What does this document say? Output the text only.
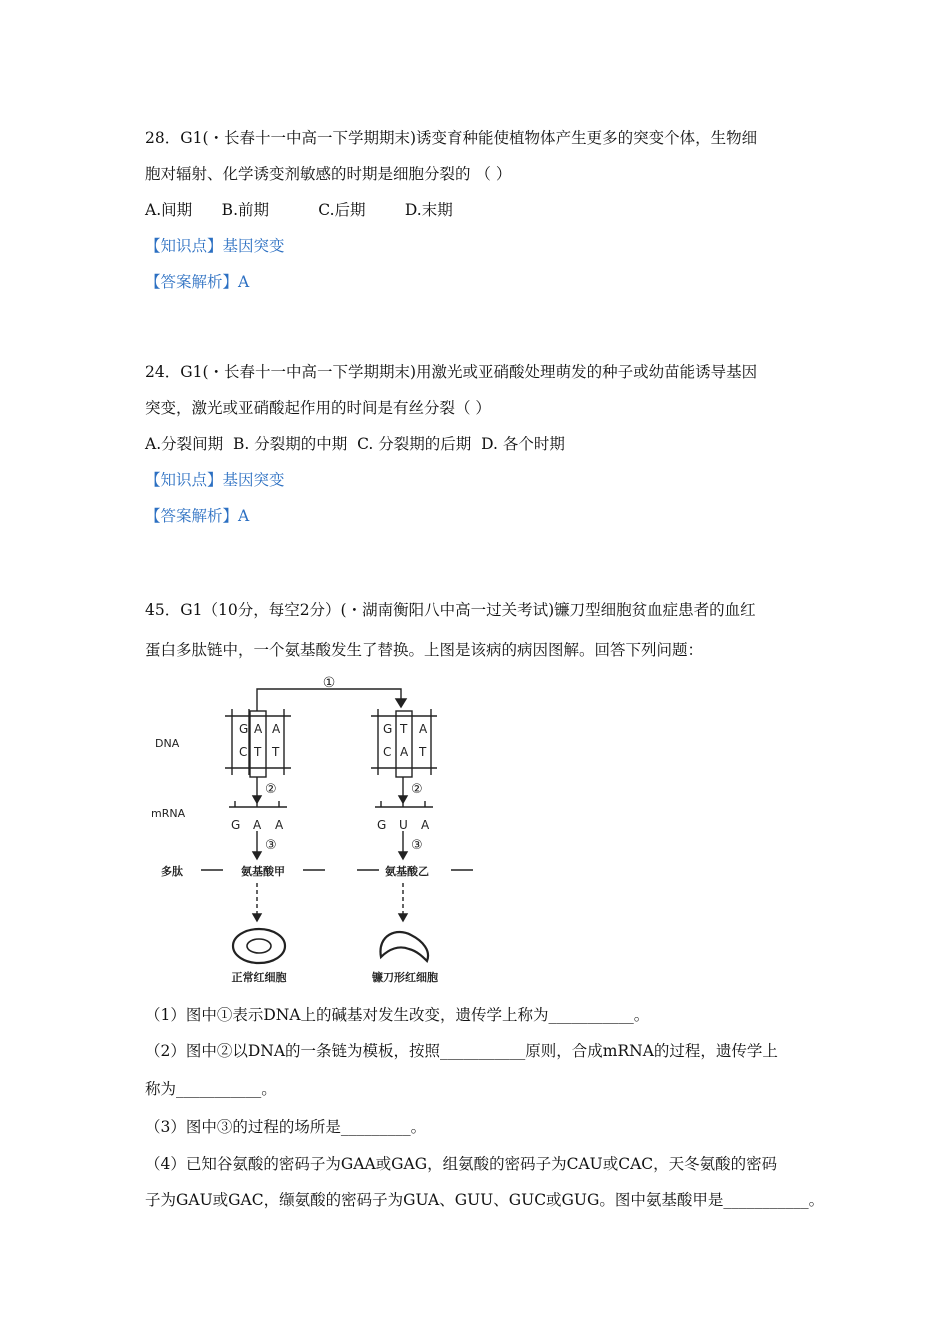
28．G1(・长春十一中高一下学期期末)诱变育种能使植物体产生更多的突变个体，生物细
胞对辐射、化学诱变剂敏感的时期是细胞分裂的 （ ）
A.间期      B.前期          C.后期        D.末期
【知识点】基因突变
【答案解析】A
24．G1(・长春十一中高一下学期期末)用激光或亚硝酸处理萌发的种子或幼苗能诱导基因
突变，激光或亚硝酸起作用的时间是有丝分裂（ ）
A.分裂间期  B. 分裂期的中期  C. 分裂期的后期  D. 各个时期
【知识点】基因突变
【答案解析】A
45．G1（10分，每空2分）(・湖南衡阳八中高一过关考试)镰刀型细胞贫血症患者的血红
蛋白多肽链中，一个氨基酸发生了替换。上图是该病的病因图解。回答下列问题：
①
DNA
mRNA
多肽
G A A
C T T
G T A
C A T
②	②
G A A	G U A
③	③
氨基酸甲	氨基酸乙
正常红细胞	镰刀形红细胞
（1）图中①表示DNA上的碱基对发生改变，遗传学上称为___________。
（2）图中②以DNA的一条链为模板，按照___________原则，合成mRNA的过程，遗传学上
称为___________。
（3）图中③的过程的场所是_________。
（4）已知谷氨酸的密码子为GAA或GAG，组氨酸的密码子为CAU或CAC，天冬氨酸的密码
子为GAU或GAC，缬氨酸的密码子为GUA、GUU、GUC或GUG。图中氨基酸甲是___________。
